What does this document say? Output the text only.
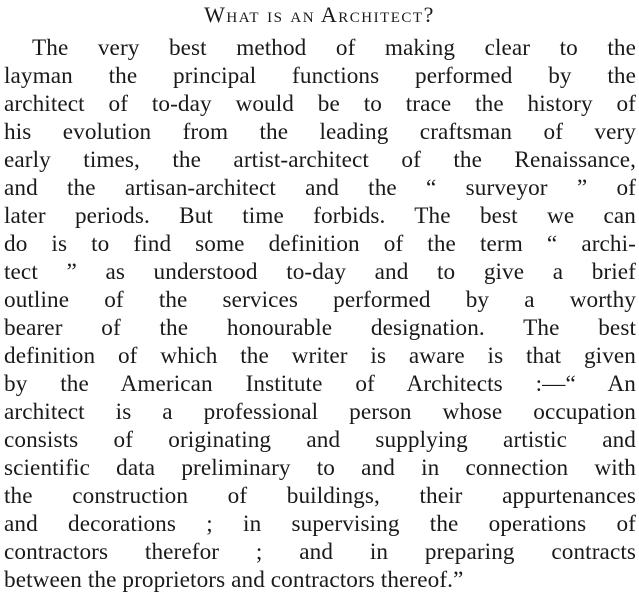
What is an Architect?
The very best method of making clear to the
layman the principal functions performed by the
architect of to-day would be to trace the history of
his evolution from the leading craftsman of very
early times, the artist-architect of the Renaissance,
and the artisan-architect and the “ surveyor ” of
later periods. But time forbids. The best we can
do is to find some definition of the term “ archi-
tect ” as understood to-day and to give a brief
outline of the services performed by a worthy
bearer of the honourable designation. The best
definition of which the writer is aware is that given
by the American Institute of Architects :—“ An
architect is a professional person whose occupation
consists of originating and supplying artistic and
scientific data preliminary to and in connection with
the construction of buildings, their appurtenances
and decorations ; in supervising the operations of
contractors therefor ; and in preparing contracts
between the proprietors and contractors thereof.”
